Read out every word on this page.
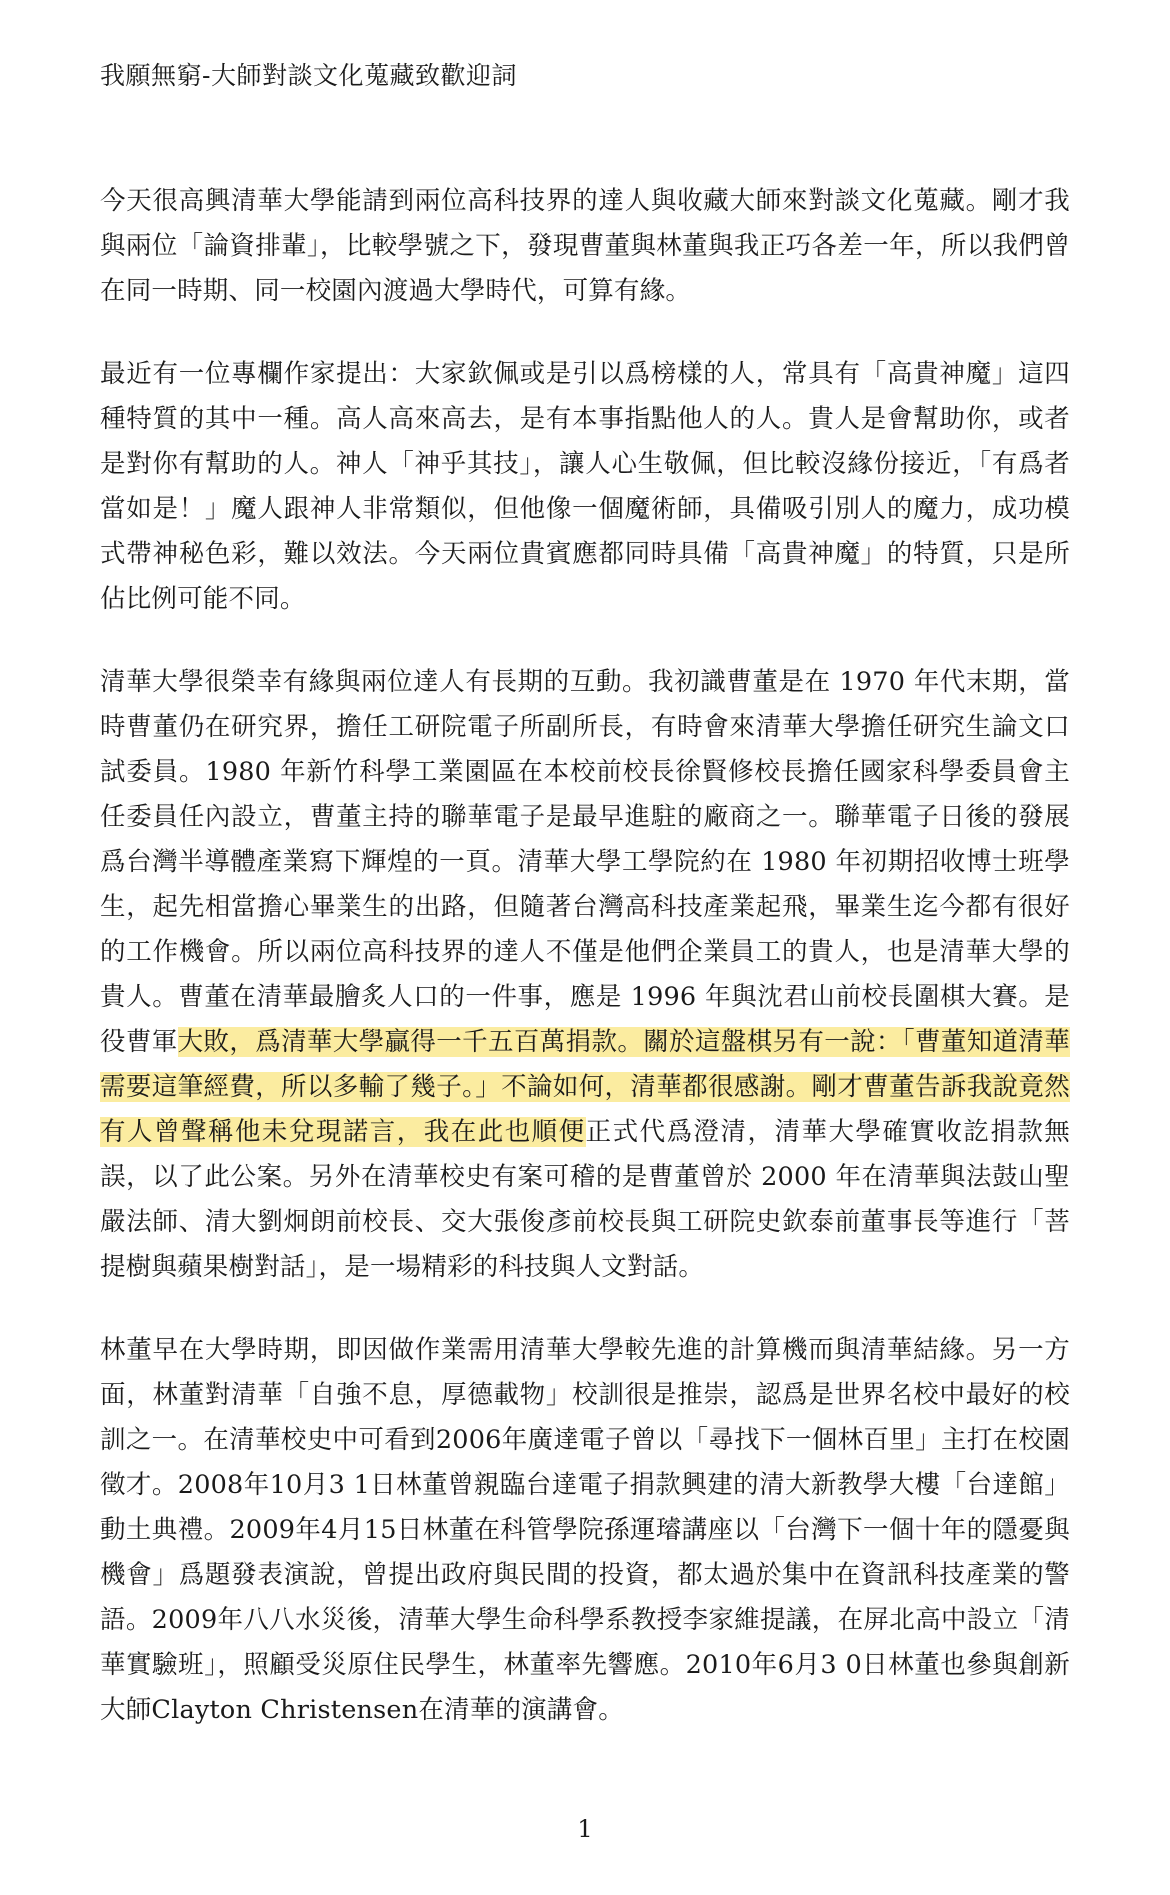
我願無窮-大師對談文化蒐藏致歡迎詞

今天很高興清華大學能請到兩位高科技界的達人與收藏大師來對談文化蒐藏。剛才我與兩位「論資排輩」，比較學號之下，發現曹董與林董與我正巧各差一年，所以我們曾在同一時期、同一校園內渡過大學時代，可算有緣。

最近有一位專欄作家提出：大家欽佩或是引以爲榜樣的人，常具有「高貴神魔」這四種特質的其中一種。高人高來高去，是有本事指點他人的人。貴人是會幫助你，或者是對你有幫助的人。神人「神乎其技」，讓人心生敬佩，但比較沒緣份接近，「有爲者當如是！」魔人跟神人非常類似，但他像一個魔術師，具備吸引別人的魔力，成功模式帶神秘色彩，難以效法。今天兩位貴賓應都同時具備「高貴神魔」的特質，只是所佔比例可能不同。

清華大學很榮幸有緣與兩位達人有長期的互動。我初識曹董是在 1970 年代末期，當時曹董仍在研究界，擔任工研院電子所副所長，有時會來清華大學擔任研究生論文口試委員。1980 年新竹科學工業園區在本校前校長徐賢修校長擔任國家科學委員會主任委員任內設立，曹董主持的聯華電子是最早進駐的廠商之一。聯華電子日後的發展爲台灣半導體產業寫下輝煌的一頁。清華大學工學院約在 1980 年初期招收博士班學生，起先相當擔心畢業生的出路，但隨著台灣高科技產業起飛，畢業生迄今都有很好的工作機會。所以兩位高科技界的達人不僅是他們企業員工的貴人，也是清華大學的貴人。曹董在清華最膾炙人口的一件事，應是 1996 年與沈君山前校長圍棋大賽。是役曹軍大敗，爲清華大學贏得一千五百萬捐款。關於這盤棋另有一說：「曹董知道清華需要這筆經費，所以多輸了幾子。」不論如何，清華都很感謝。剛才曹董告訴我說竟然有人曾聲稱他未兌現諾言，我在此也順便正式代爲澄清，清華大學確實收訖捐款無誤，以了此公案。另外在清華校史有案可稽的是曹董曾於 2000 年在清華與法鼓山聖嚴法師、清大劉炯朗前校長、交大張俊彥前校長與工研院史欽泰前董事長等進行「菩提樹與蘋果樹對話」，是一場精彩的科技與人文對話。

林董早在大學時期，即因做作業需用清華大學較先進的計算機而與清華結緣。另一方面，林董對清華「自強不息，厚德載物」校訓很是推崇，認爲是世界名校中最好的校訓之一。在清華校史中可看到2006年廣達電子曾以「尋找下一個林百里」主打在校園徵才。2008年10月3 1日林董曾親臨台達電子捐款興建的清大新教學大樓「台達館」動土典禮。2009年4月15日林董在科管學院孫運璿講座以「台灣下一個十年的隱憂與機會」爲題發表演說，曾提出政府與民間的投資，都太過於集中在資訊科技產業的警語。2009年八八水災後，清華大學生命科學系教授李家維提議，在屏北高中設立「清華實驗班」，照顧受災原住民學生，林董率先響應。2010年6月3 0日林董也參與創新大師Clayton Christensen在清華的演講會。

1
